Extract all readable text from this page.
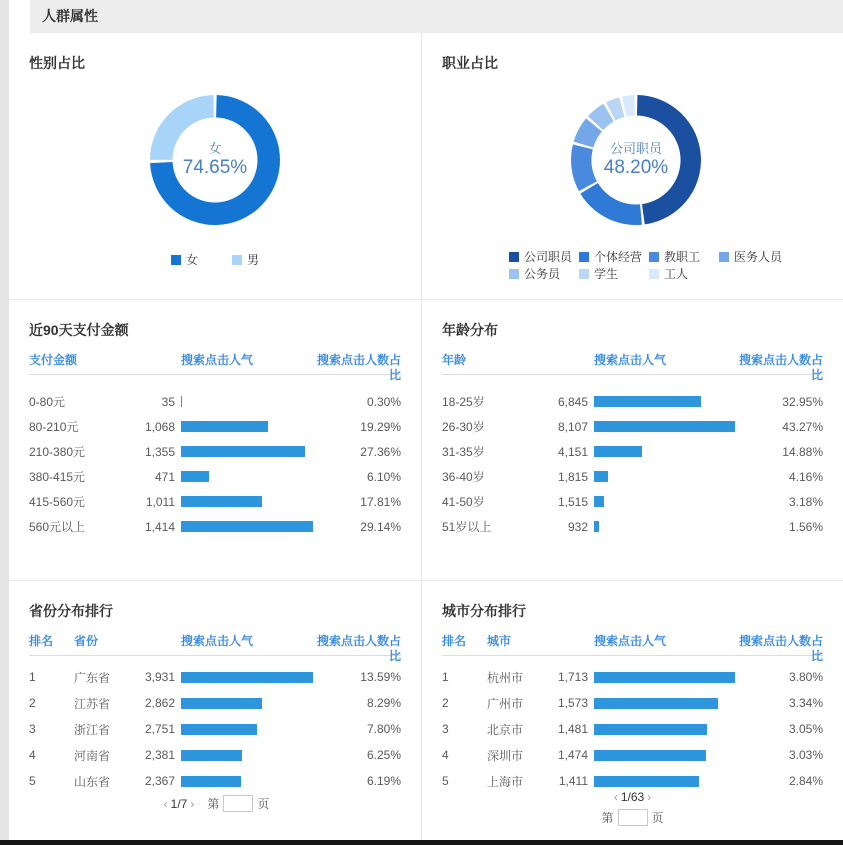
人群属性
性别占比
女
74.65%
女	男
职业占比
公司职员
48.20%
公司职员 个体经营 教职工	医务人员
公务员	学生	工人
近90天支付金额
支付金额	搜索点击人气	搜索点击人数占比
0-80元	35	0.30%
80-210元	1,068	19.29%
210-380元	1,355	27.36%
380-415元	471	6.10%
415-560元	1,011	17.81%
560元以上	1,414	29.14%
年龄分布
年龄	搜索点击人气	搜索点击人数占比
18-25岁	6,845	32.95%
26-30岁	8,107	43.27%
31-35岁	4,151	14.88%
36-40岁	1,815	4.16%
41-50岁	1,515	3.18%
51岁以上	932	1.56%
省份分布排行
排名	省份	搜索点击人气	搜索点击人数占比
1	广东省	3,931	13.59%
2	江苏省	2,862	8.29%
3	浙江省	2,751	7.80%
4	河南省	2,381	6.25%
5	山东省	2,367	6.19%
‹ 1/7 › 第	页
城市分布排行
排名	城市	搜索点击人气	搜索点击人数占比
1	杭州市	1,713	3.80%
2	广州市	1,573	3.34%
3	北京市	1,481	3.05%
4	深圳市	1,474	3.03%
5	上海市	1,411	2.84%
‹ 1/63 ›
第	页
